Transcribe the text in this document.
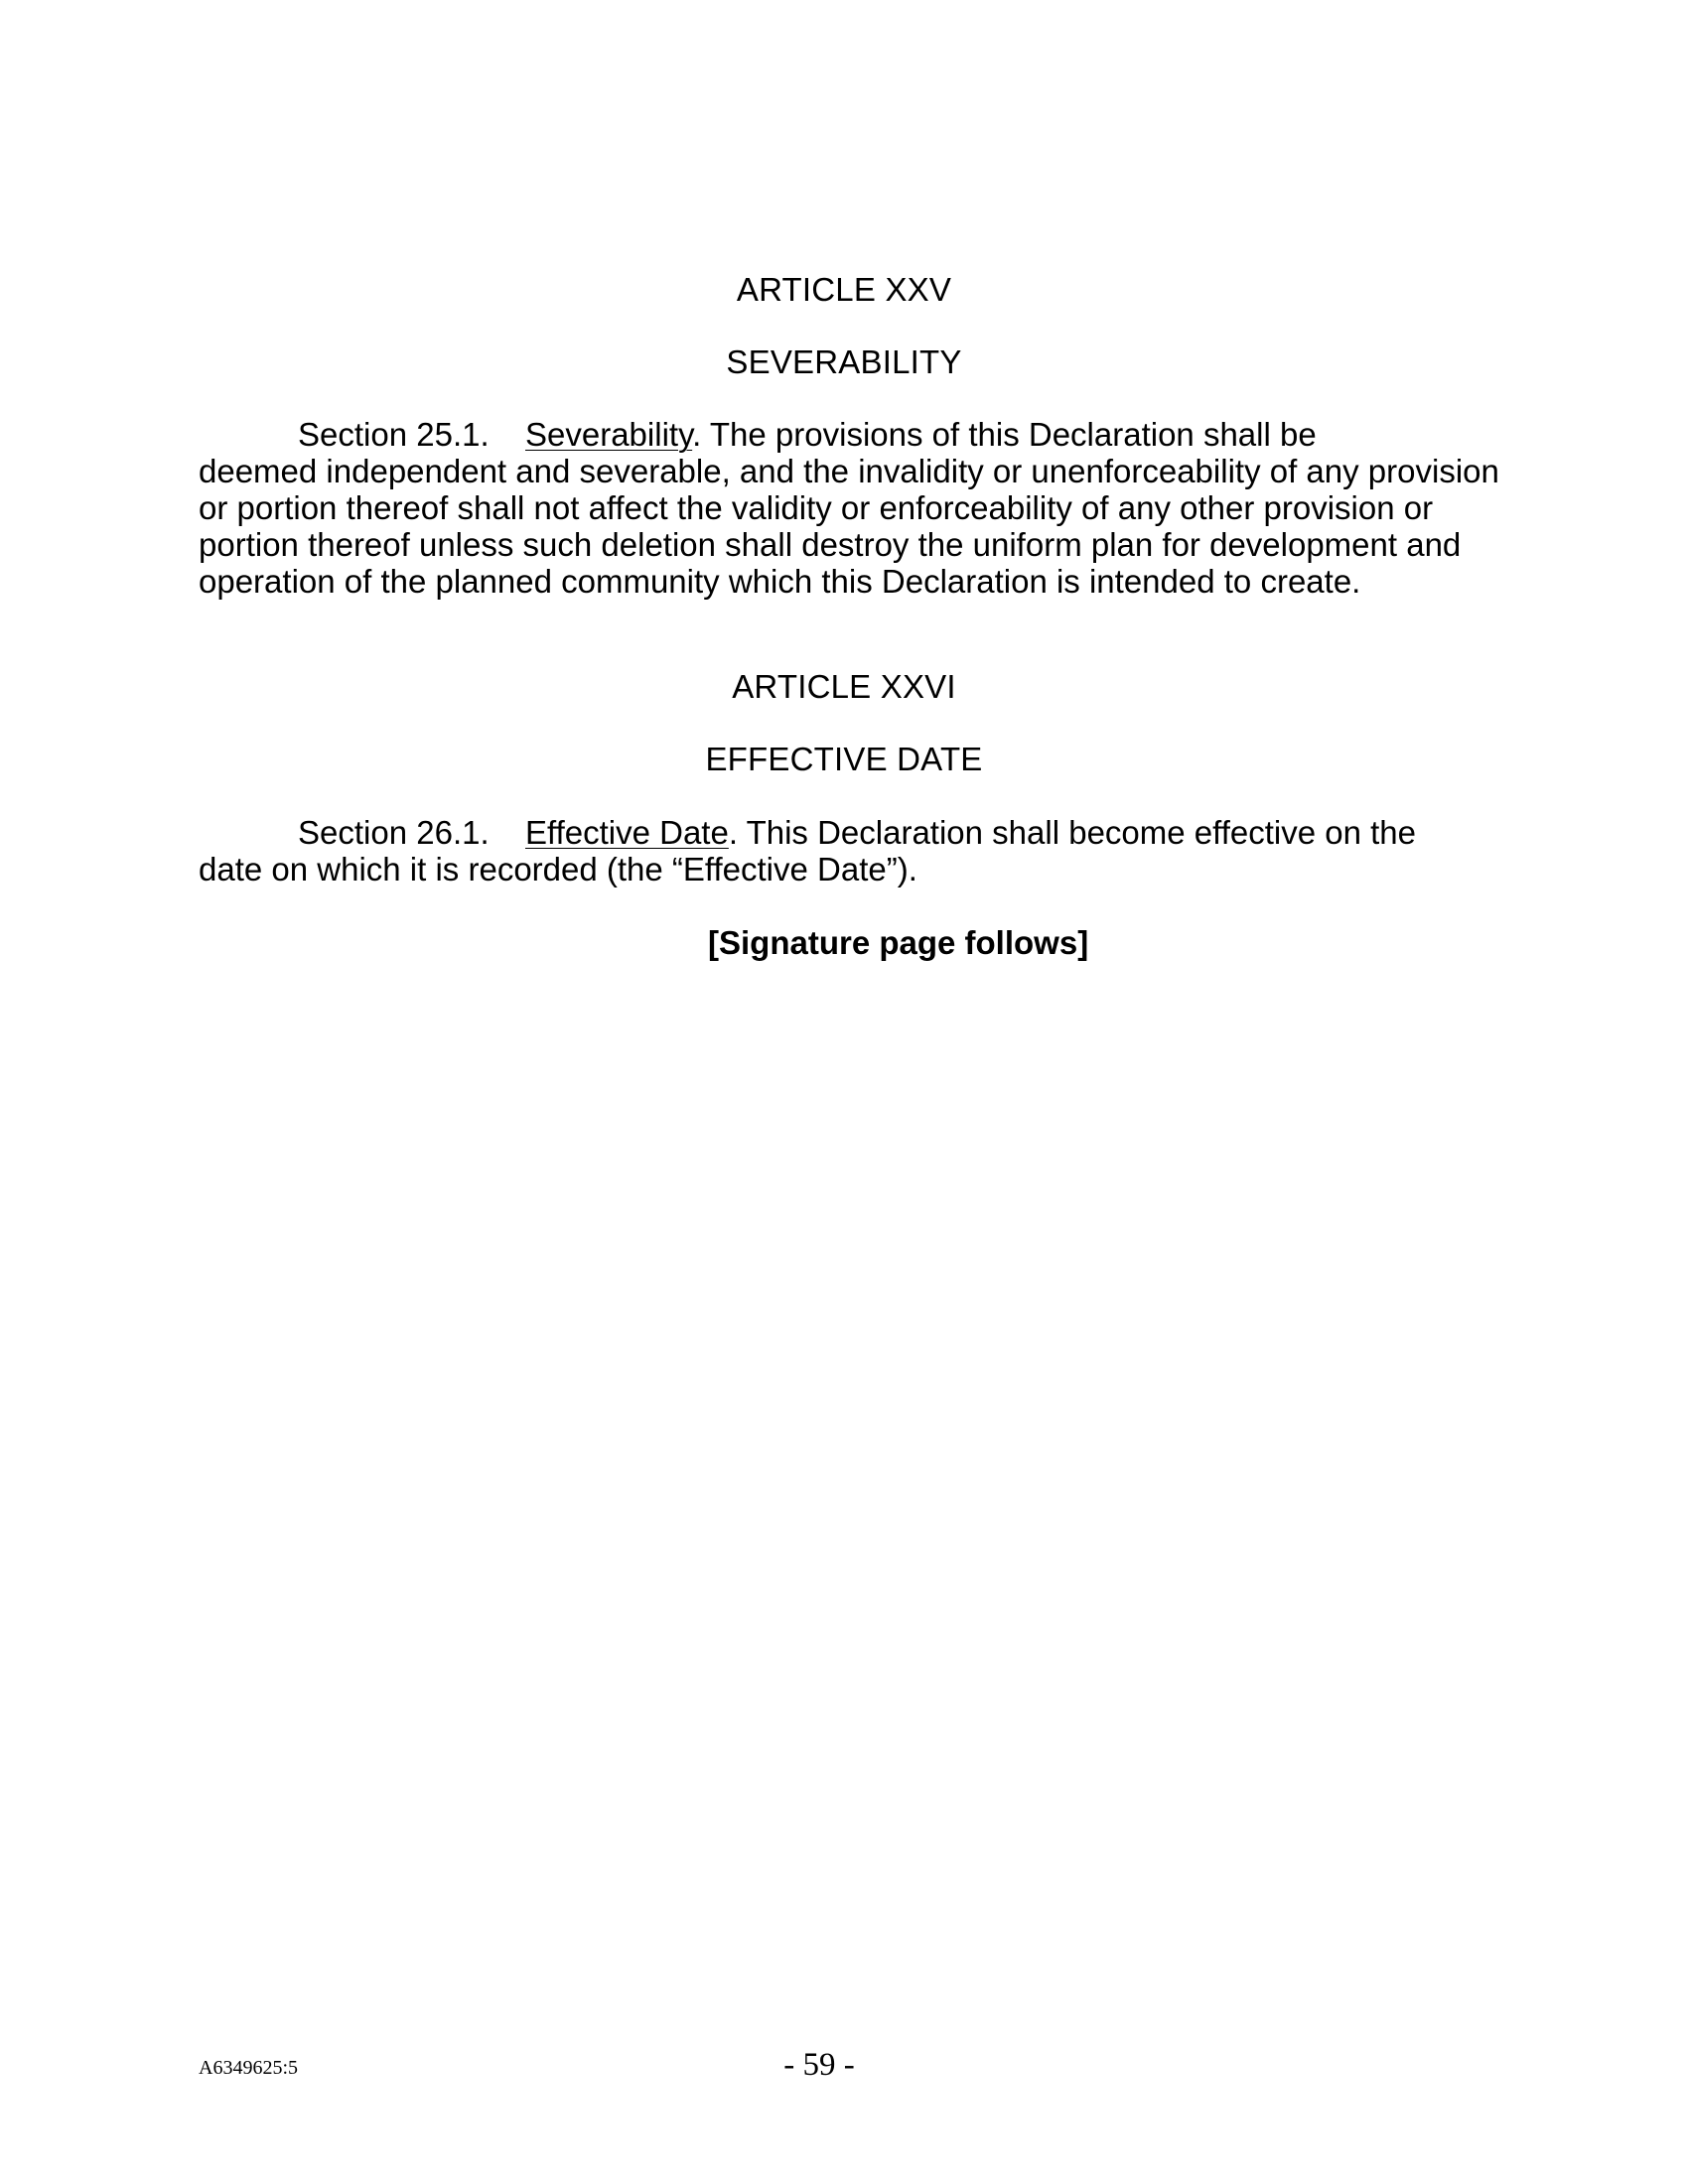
ARTICLE XXV
SEVERABILITY
Section 25.1. Severability. The provisions of this Declaration shall be
deemed independent and severable, and the invalidity or unenforceability of any provision
or portion thereof shall not affect the validity or enforceability of any other provision or
portion thereof unless such deletion shall destroy the uniform plan for development and
operation of the planned community which this Declaration is intended to create.
ARTICLE XXVI
EFFECTIVE DATE
Section 26.1. Effective Date. This Declaration shall become effective on the
date on which it is recorded (the “Effective Date”).
[Signature page follows]
A6349625:5	- 59 -
